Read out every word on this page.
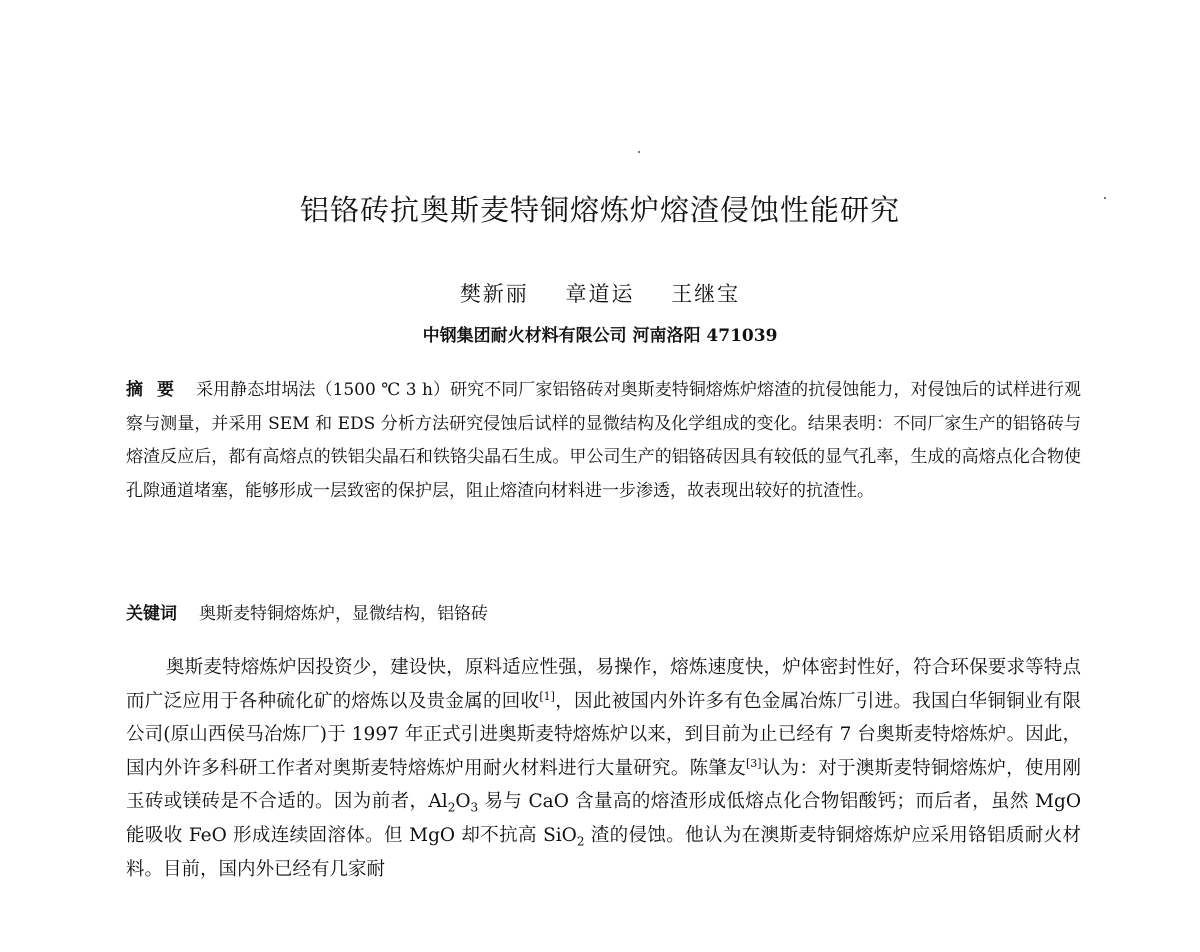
铝铬砖抗奥斯麦特铜熔炼炉熔渣侵蚀性能研究
樊新丽 章道运 王继宝
中钢集团耐火材料有限公司 河南洛阳 471039

摘 要 采用静态坩埚法（1500 ℃ 3 h）研究不同厂家铝铬砖对奥斯麦特铜熔炼炉熔渣的抗侵蚀能力，对侵蚀后的试样进行观察与测量，并采用 SEM 和 EDS 分析方法研究侵蚀后试样的显微结构及化学组成的变化。结果表明：不同厂家生产的铝铬砖与熔渣反应后，都有高熔点的铁铝尖晶石和铁铬尖晶石生成。甲公司生产的铝铬砖因具有较低的显气孔率，生成的高熔点化合物使孔隙通道堵塞，能够形成一层致密的保护层，阻止熔渣向材料进一步渗透，故表现出较好的抗渣性。

关键词 奥斯麦特铜熔炼炉，显微结构，铝铬砖

奥斯麦特熔炼炉因投资少，建设快，原料适应性强，易操作，熔炼速度快，炉体密封性好，符合环保要求等特点而广泛应用于各种硫化矿的熔炼以及贵金属的回收[1]，因此被国内外许多有色金属冶炼厂引进。我国白华铜铜业有限公司(原山西侯马冶炼厂)于 1997 年正式引进奥斯麦特熔炼炉以来，到目前为止已经有 7 台奥斯麦特熔炼炉。因此，国内外许多科研工作者对奥斯麦特熔炼炉用耐火材料进行大量研究。陈肇友[3]认为：对于澳斯麦特铜熔炼炉，使用刚玉砖或镁砖是不合适的。因为前者，$Al_2O_3$ 易与 CaO 含量高的熔渣形成低熔点化合物铝酸钙；而后者，虽然 MgO 能吸收 FeO 形成连续固溶体。但 MgO 却不抗高 SiO$_2$ 渣的侵蚀。他认为在澳斯麦特铜熔炼炉应采用铬铝质耐火材料。目前，国内外已经有几家耐
